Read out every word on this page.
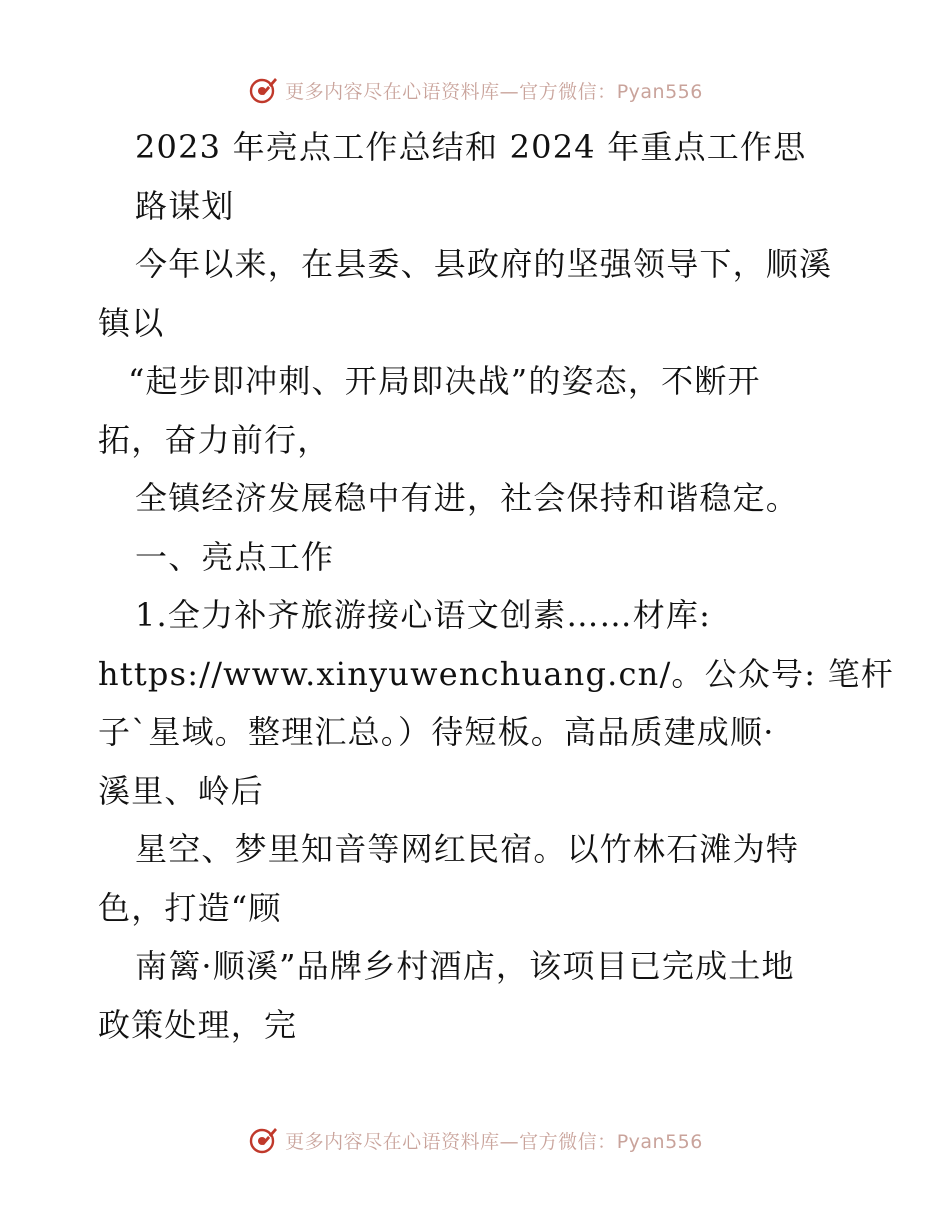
更多内容尽在心语资料库—官方微信：Pyan556
2023 年亮点工作总结和 2024 年重点工作思
路谋划
今年以来，在县委、县政府的坚强领导下，顺溪
镇以
“起步即冲刺、开局即决战”的姿态，不断开
拓，奋力前行，
全镇经济发展稳中有进，社会保持和谐稳定。
一、亮点工作
1.全力补齐旅游接心语文创素……材库:
https://www.xinyuwenchuang.cn/。公众号: 笔杆
子`星域。整理汇总。）待短板。高品质建成顺·
溪里、岭后
星空、梦里知音等网红民宿。以竹林石滩为特
色，打造“顾
南篱·顺溪”品牌乡村酒店，该项目已完成土地
政策处理，完
更多内容尽在心语资料库—官方微信：Pyan556
